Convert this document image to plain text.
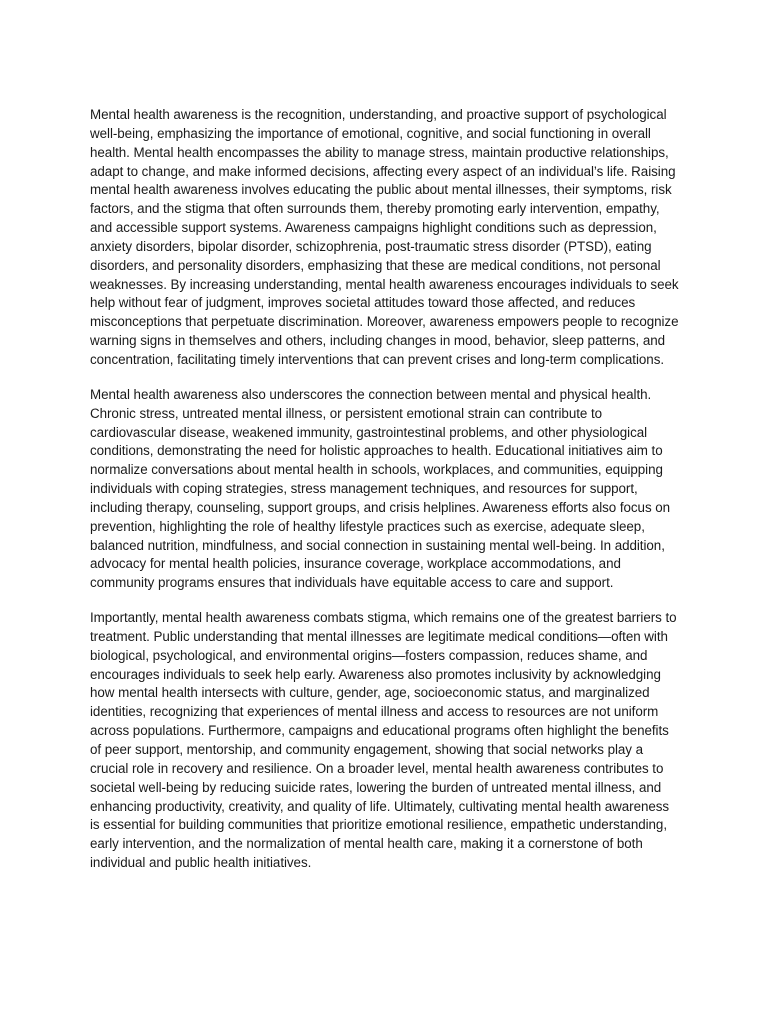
Mental health awareness is the recognition, understanding, and proactive support of psychological well-being, emphasizing the importance of emotional, cognitive, and social functioning in overall health. Mental health encompasses the ability to manage stress, maintain productive relationships, adapt to change, and make informed decisions, affecting every aspect of an individual’s life. Raising mental health awareness involves educating the public about mental illnesses, their symptoms, risk factors, and the stigma that often surrounds them, thereby promoting early intervention, empathy, and accessible support systems. Awareness campaigns highlight conditions such as depression, anxiety disorders, bipolar disorder, schizophrenia, post-traumatic stress disorder (PTSD), eating disorders, and personality disorders, emphasizing that these are medical conditions, not personal weaknesses. By increasing understanding, mental health awareness encourages individuals to seek help without fear of judgment, improves societal attitudes toward those affected, and reduces misconceptions that perpetuate discrimination. Moreover, awareness empowers people to recognize warning signs in themselves and others, including changes in mood, behavior, sleep patterns, and concentration, facilitating timely interventions that can prevent crises and long-term complications.

Mental health awareness also underscores the connection between mental and physical health. Chronic stress, untreated mental illness, or persistent emotional strain can contribute to cardiovascular disease, weakened immunity, gastrointestinal problems, and other physiological conditions, demonstrating the need for holistic approaches to health. Educational initiatives aim to normalize conversations about mental health in schools, workplaces, and communities, equipping individuals with coping strategies, stress management techniques, and resources for support, including therapy, counseling, support groups, and crisis helplines. Awareness efforts also focus on prevention, highlighting the role of healthy lifestyle practices such as exercise, adequate sleep, balanced nutrition, mindfulness, and social connection in sustaining mental well-being. In addition, advocacy for mental health policies, insurance coverage, workplace accommodations, and community programs ensures that individuals have equitable access to care and support.

Importantly, mental health awareness combats stigma, which remains one of the greatest barriers to treatment. Public understanding that mental illnesses are legitimate medical conditions—often with biological, psychological, and environmental origins—fosters compassion, reduces shame, and encourages individuals to seek help early. Awareness also promotes inclusivity by acknowledging how mental health intersects with culture, gender, age, socioeconomic status, and marginalized identities, recognizing that experiences of mental illness and access to resources are not uniform across populations. Furthermore, campaigns and educational programs often highlight the benefits of peer support, mentorship, and community engagement, showing that social networks play a crucial role in recovery and resilience. On a broader level, mental health awareness contributes to societal well-being by reducing suicide rates, lowering the burden of untreated mental illness, and enhancing productivity, creativity, and quality of life. Ultimately, cultivating mental health awareness is essential for building communities that prioritize emotional resilience, empathetic understanding, early intervention, and the normalization of mental health care, making it a cornerstone of both individual and public health initiatives.
